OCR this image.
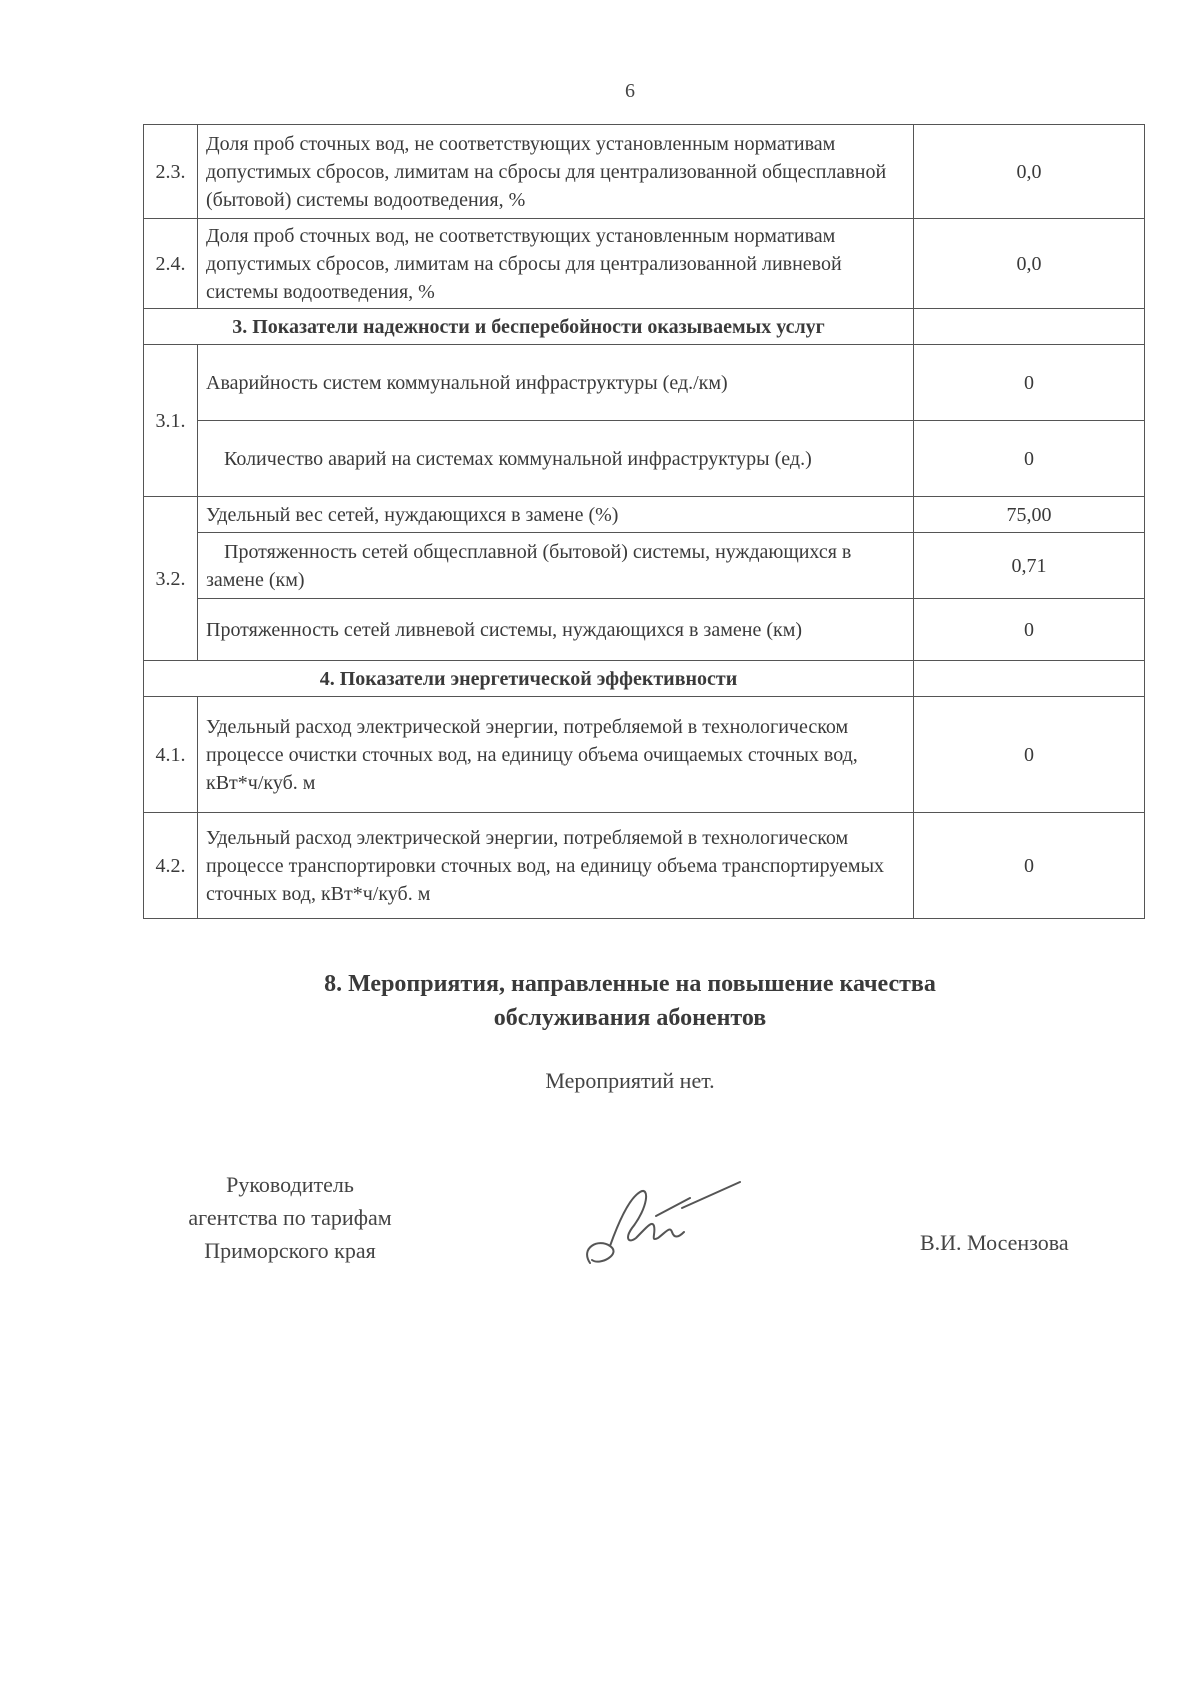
6
2.3.	Доля проб сточных вод, не соответствующих установленным нормативам допустимых сбросов, лимитам на сбросы для централизованной общесплавной (бытовой) системы водоотведения, %	0,0
2.4.	Доля проб сточных вод, не соответствующих установленным нормативам допустимых сбросов, лимитам на сбросы для централизованной ливневой системы водоотведения, %	0,0
3. Показатели надежности и бесперебойности оказываемых услуг		
3.1.	Аварийность систем коммунальной инфраструктуры (ед./км)	0
	Количество аварий на системах коммунальной инфраструктуры (ед.)	0
3.2.	Удельный вес сетей, нуждающихся в замене (%)	75,00
	Протяженность сетей общесплавной (бытовой) системы, нуждающихся в замене (км)	0,71
	Протяженность сетей ливневой системы, нуждающихся в замене (км)	0
4. Показатели энергетической эффективности		
4.1.	Удельный расход электрической энергии, потребляемой в технологическом процессе очистки сточных вод, на единицу объема очищаемых сточных вод, кВт*ч/куб. м	0
4.2.	Удельный расход электрической энергии, потребляемой в технологическом процессе транспортировки сточных вод, на единицу объема транспортируемых сточных вод, кВт*ч/куб. м	0
8. Мероприятия, направленные на повышение качества
обслуживания абонентов
Мероприятий нет.
Руководитель
агентства по тарифам
Приморского края	В.И. Мосензова
